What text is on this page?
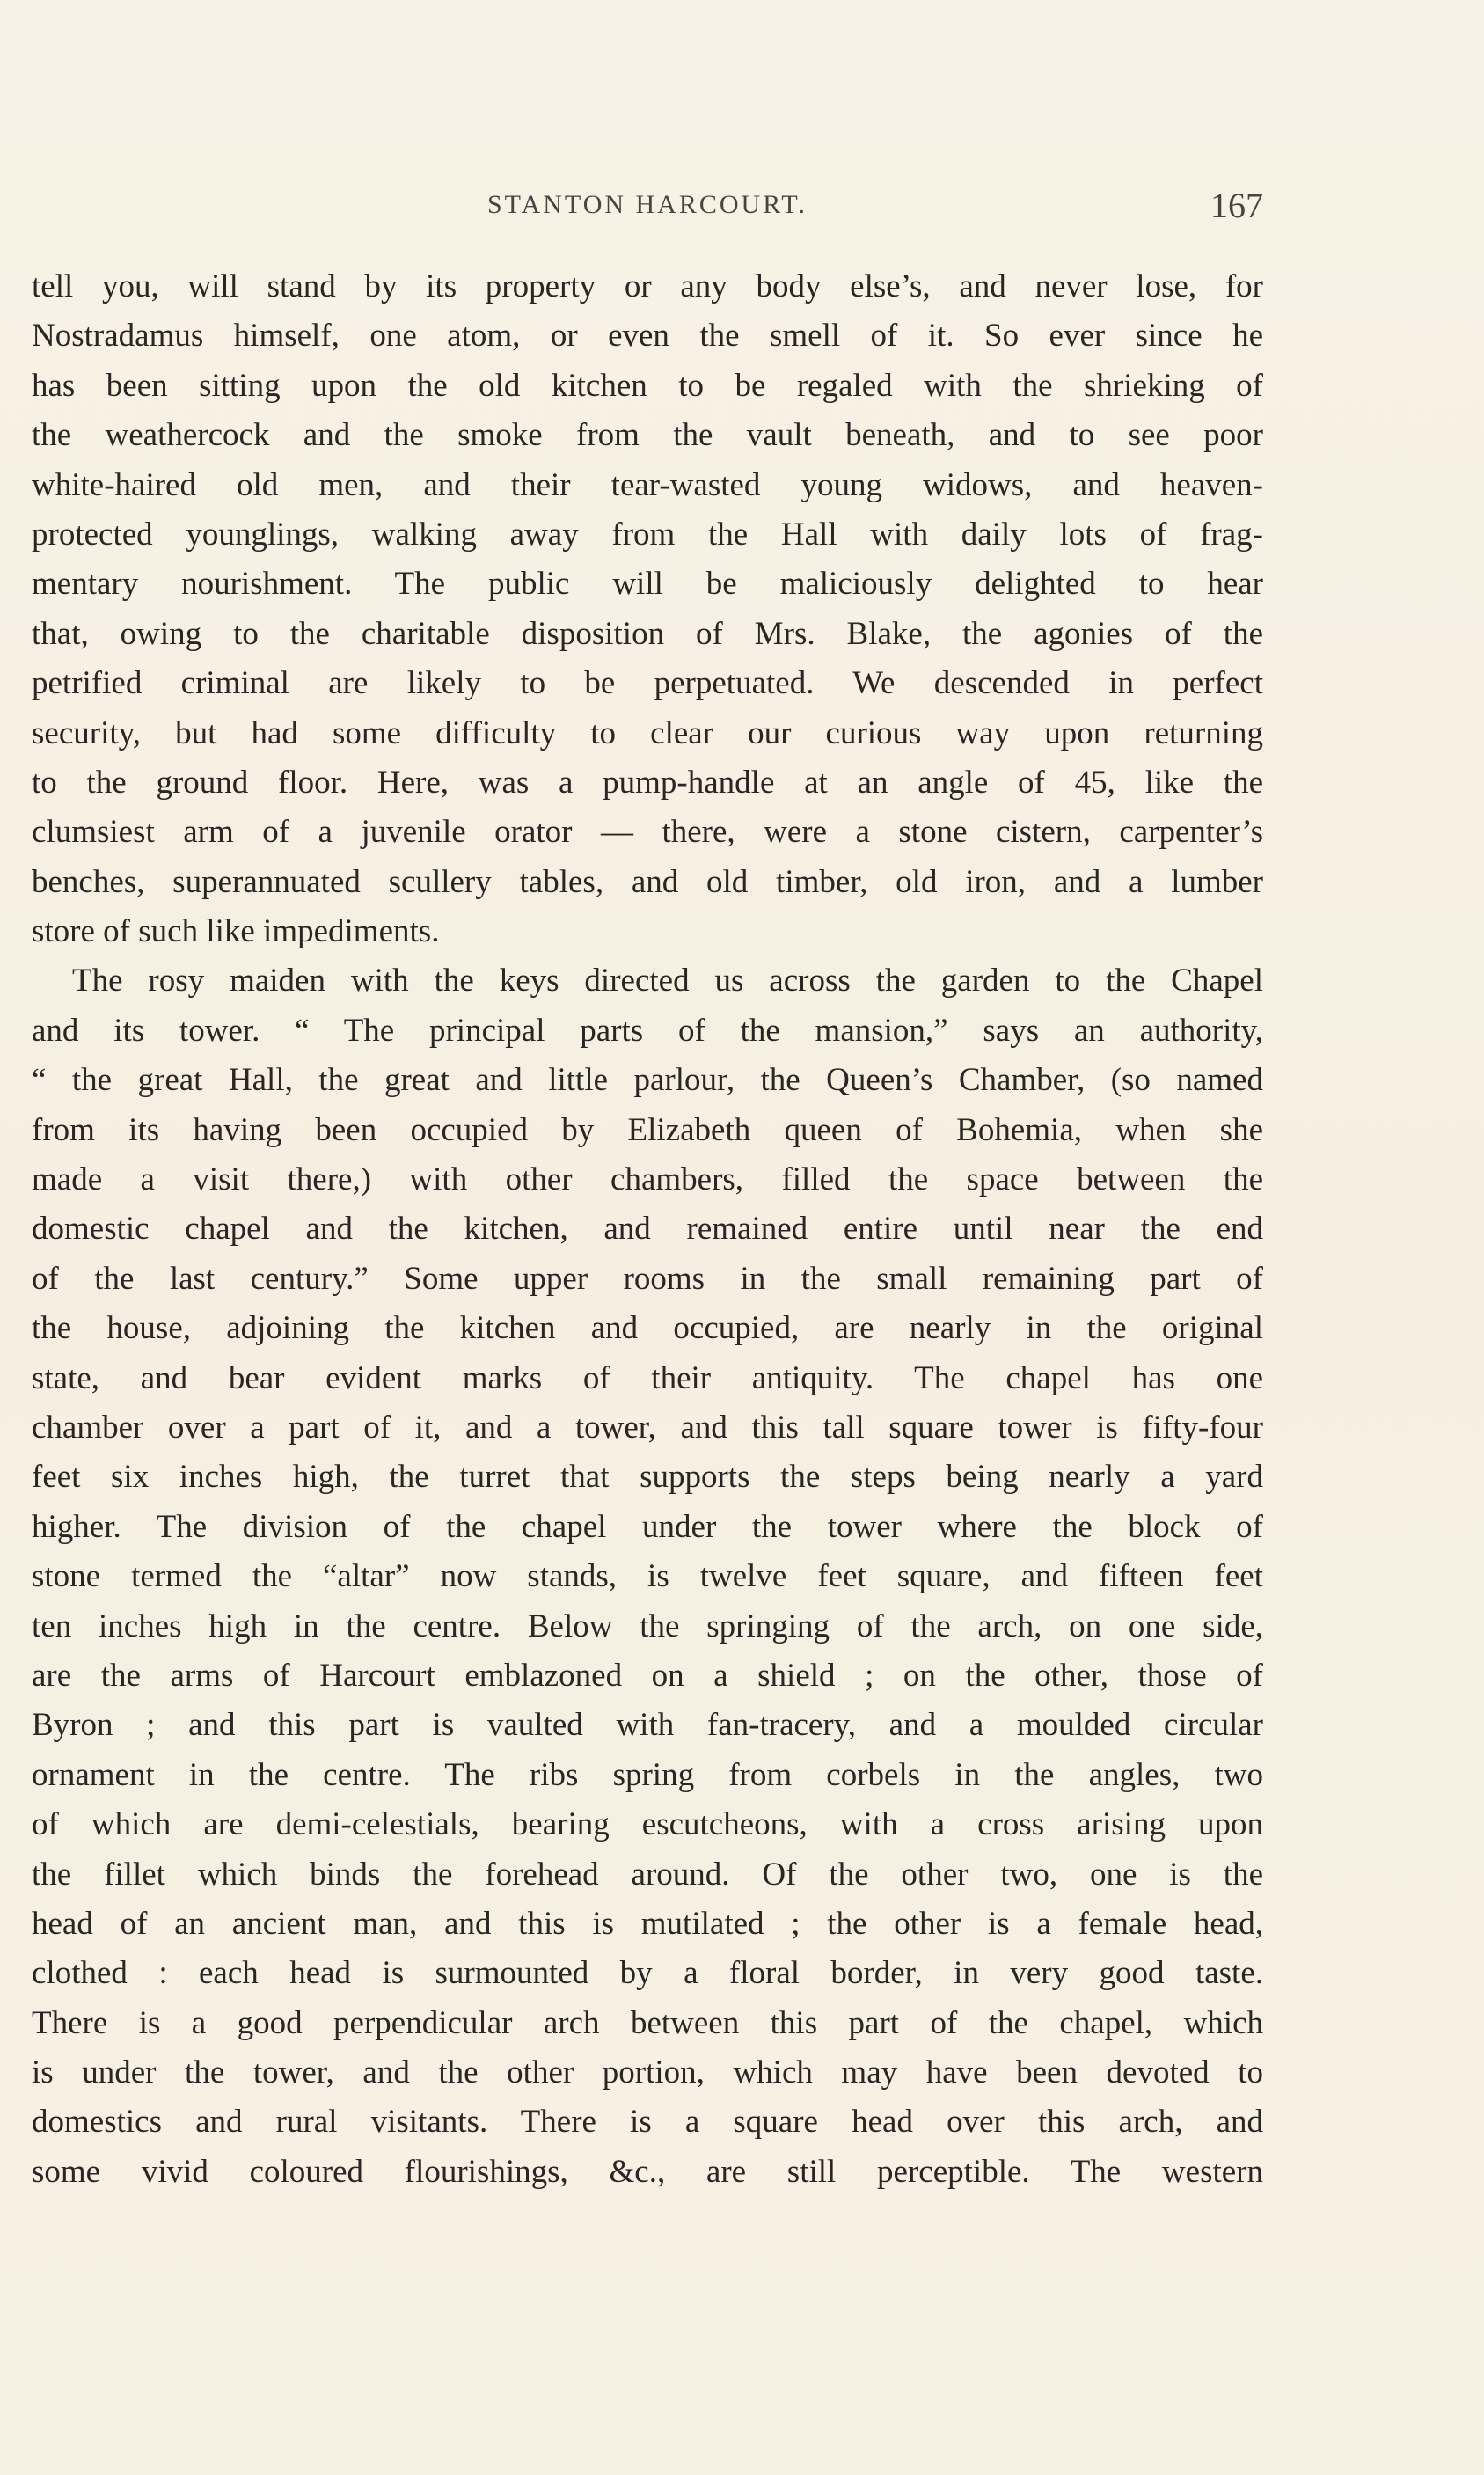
STANTON HARCOURT.	167
tell you, will stand by its property or any body else’s, and never lose, for
Nostradamus himself, one atom, or even the smell of it. So ever since he
has been sitting upon the old kitchen to be regaled with the shrieking of
the weathercock and the smoke from the vault beneath, and to see poor
white-haired old men, and their tear-wasted young widows, and heaven-
protected younglings, walking away from the Hall with daily lots of frag-
mentary nourishment. The public will be maliciously delighted to hear
that, owing to the charitable disposition of Mrs. Blake, the agonies of the
petrified criminal are likely to be perpetuated. We descended in perfect
security, but had some difficulty to clear our curious way upon returning
to the ground floor. Here, was a pump-handle at an angle of 45, like the
clumsiest arm of a juvenile orator — there, were a stone cistern, carpenter’s
benches, superannuated scullery tables, and old timber, old iron, and a lumber
store of such like impediments.
The rosy maiden with the keys directed us across the garden to the Chapel
and its tower. “ The principal parts of the mansion,” says an authority,
“ the great Hall, the great and little parlour, the Queen’s Chamber, (so named
from its having been occupied by Elizabeth queen of Bohemia, when she
made a visit there,) with other chambers, filled the space between the
domestic chapel and the kitchen, and remained entire until near the end
of the last century.” Some upper rooms in the small remaining part of
the house, adjoining the kitchen and occupied, are nearly in the original
state, and bear evident marks of their antiquity. The chapel has one
chamber over a part of it, and a tower, and this tall square tower is fifty-four
feet six inches high, the turret that supports the steps being nearly a yard
higher. The division of the chapel under the tower where the block of
stone termed the “altar” now stands, is twelve feet square, and fifteen feet
ten inches high in the centre. Below the springing of the arch, on one side,
are the arms of Harcourt emblazoned on a shield ; on the other, those of
Byron ; and this part is vaulted with fan-tracery, and a moulded circular
ornament in the centre. The ribs spring from corbels in the angles, two
of which are demi-celestials, bearing escutcheons, with a cross arising upon
the fillet which binds the forehead around. Of the other two, one is the
head of an ancient man, and this is mutilated ; the other is a female head,
clothed : each head is surmounted by a floral border, in very good taste.
There is a good perpendicular arch between this part of the chapel, which
is under the tower, and the other portion, which may have been devoted to
domestics and rural visitants. There is a square head over this arch, and
some vivid coloured flourishings, &c., are still perceptible. The western
